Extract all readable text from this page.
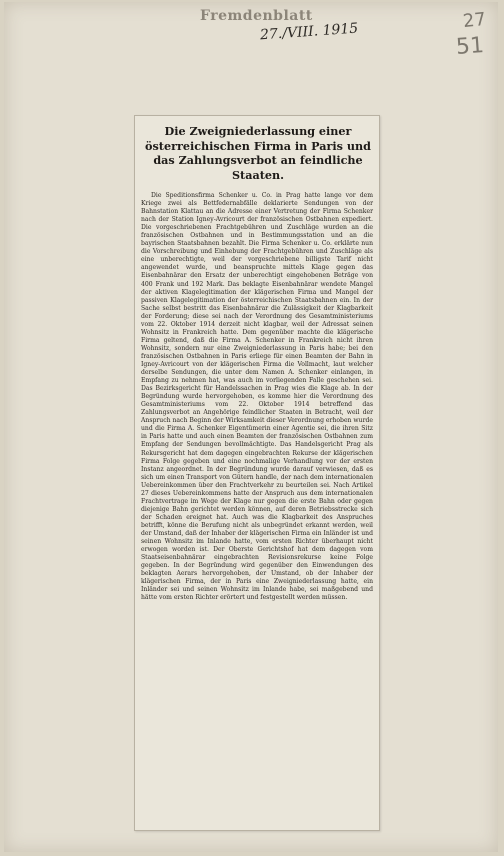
Fremdenblatt
27./VIII. 1915	27
51
Die Zweigniederlassung einer österreichischen Firma in Paris und das Zahlungsverbot an feindliche Staaten.
Die Speditionsfirma Schenker u. Co. in Prag hatte lange vor dem Kriege zwei als Bettfedernabfälle deklarierte Sendungen von der Bahnstation Klattau an die Adresse einer Vertretung der Firma Schenker nach der Station Igney-Avricourt der französischen Ostbahnen expediert. Die vorgeschriebenen Frachtgebühren und Zuschläge wurden an die französischen Ostbahnen und in Bestimmungsstation und an die bayrischen Staatsbahnen bezahlt. Die Firma Schenker u. Co. erklärte nun die Vorschreibung und Einhebung der Frachtgebühren und Zuschläge als eine unberechtigte, weil der vorgeschriebene billigste Tarif nicht angewendet wurde, und beanspruchte mittels Klage gegen das Eisenbahnärar den Ersatz der unberechtigt eingehobenen Beträge von 400 Frank und 192 Mark. Das beklagte Eisenbahnärar wendete Mangel der aktiven Klagelegitimation der klägerischen Firma und Mangel der passiven Klagelegitimation der österreichischen Staatsbahnen ein. In der Sache selbst bestritt das Eisenbahnärar die Zulässigkeit der Klagbarkeit der Forderung; diese sei nach der Verordnung des Gesamtministeriums vom 22. Oktober 1914 derzeit nicht klagbar, weil der Adressat seinen Wohnsitz in Frankreich hatte. Dem gegenüber machte die klägerische Firma geltend, daß die Firma A. Schenker in Frankreich nicht ihren Wohnsitz, sondern nur eine Zweigniederlassung in Paris habe; bei den französischen Ostbahnen in Paris erliege für einen Beamten der Bahn in Igney-Avricourt von der klägerischen Firma die Vollmacht, laut welcher derselbe Sendungen, die unter dem Namen A. Schenker einlangen, in Empfang zu nehmen hat, was auch im vorliegenden Falle geschehen sei. Das Bezirksgericht für Handelssachen in Prag wies die Klage ab. In der Begründung wurde hervorgehoben, es komme hier die Verordnung des Gesamtministeriums vom 22. Oktober 1914 betreffend das Zahlungsverbot an Angehörige feindlicher Staaten in Betracht, weil der Anspruch nach Beginn der Wirksamkeit dieser Verordnung erhoben wurde und die Firma A. Schenker Eigentümerin einer Agentie sei, die ihren Sitz in Paris hatte und auch einen Beamten der französischen Ostbahnen zum Empfang der Sendungen bevollmächtigte. Das Handelsgericht Prag als Rekursgericht hat dem dagegen eingebrachten Rekurse der klägerischen Firma Folge gegeben und eine nochmalige Verhandlung vor der ersten Instanz angeordnet. In der Begründung wurde darauf verwiesen, daß es sich um einen Transport von Gütern handle, der nach dem internationalen Uebereinkommen über den Frachtverkehr zu beurteilen sei. Nach Artikel 27 dieses Uebereinkommens hatte der Anspruch aus dem internationalen Frachtvertrage im Wege der Klage nur gegen die erste Bahn oder gegen diejenige Bahn gerichtet werden können, auf deren Betriebsstrecke sich der Schaden ereignet hat. Auch was die Klagbarkeit des Anspruches betrifft, könne die Berufung nicht als unbegründet erkannt werden, weil der Umstand, daß der Inhaber der klägerischen Firma ein Inländer ist und seinen Wohnsitz im Inlande hatte, vom ersten Richter überhaupt nicht erwogen worden ist. Der Oberste Gerichtshof hat dem dagegen vom Staatseisenbahnärar eingebrachten Revisionsrekurse keine Folge gegeben. In der Begründung wird gegenüber den Einwendungen des beklagten Aerars hervorgehoben, der Umstand, ob der Inhaber der klägerischen Firma, der in Paris eine Zweigniederlassung hatte, ein Inländer sei und seinen Wohnsitz im Inlande habe, sei maßgebend und hätte vom ersten Richter erörtert und festgestellt werden müssen.
